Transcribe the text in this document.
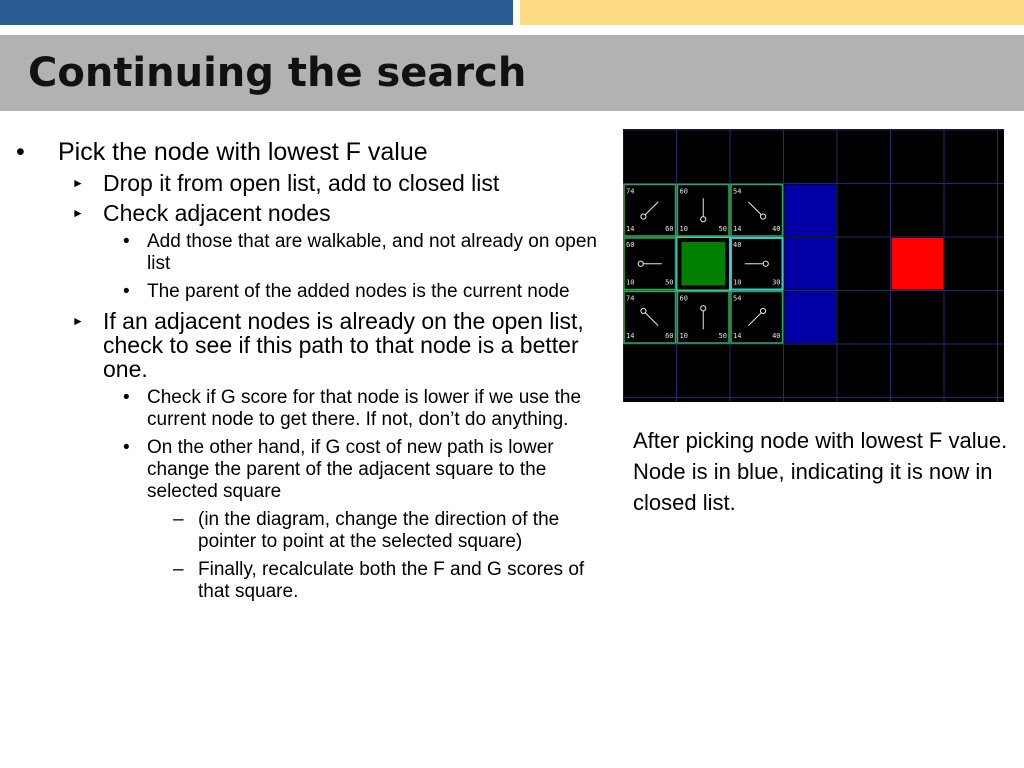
Continuing the search
•	Pick the node with lowest F value
► Drop it from open list, add to closed list
► Check adjacent nodes
• Add those that are walkable, and not already on open list
• The parent of the added nodes is the current node
► If an adjacent nodes is already on the open list, check to see if this path to that node is a better one.
• Check if G score for that node is lower if we use the current node to get there. If not, don’t do anything.
• On the other hand, if G cost of new path is lower change the parent of the adjacent square to the selected square
– (in the diagram, change the direction of the pointer to point at the selected square)
– Finally, recalculate both the F and G scores of that square.
74
14	60
60
10	50
54
14	40
60
10	50
40
10	30
74
14	60
60
10	50
54
14	40

After picking node with lowest F value. Node is in blue, indicating it is now in closed list.
